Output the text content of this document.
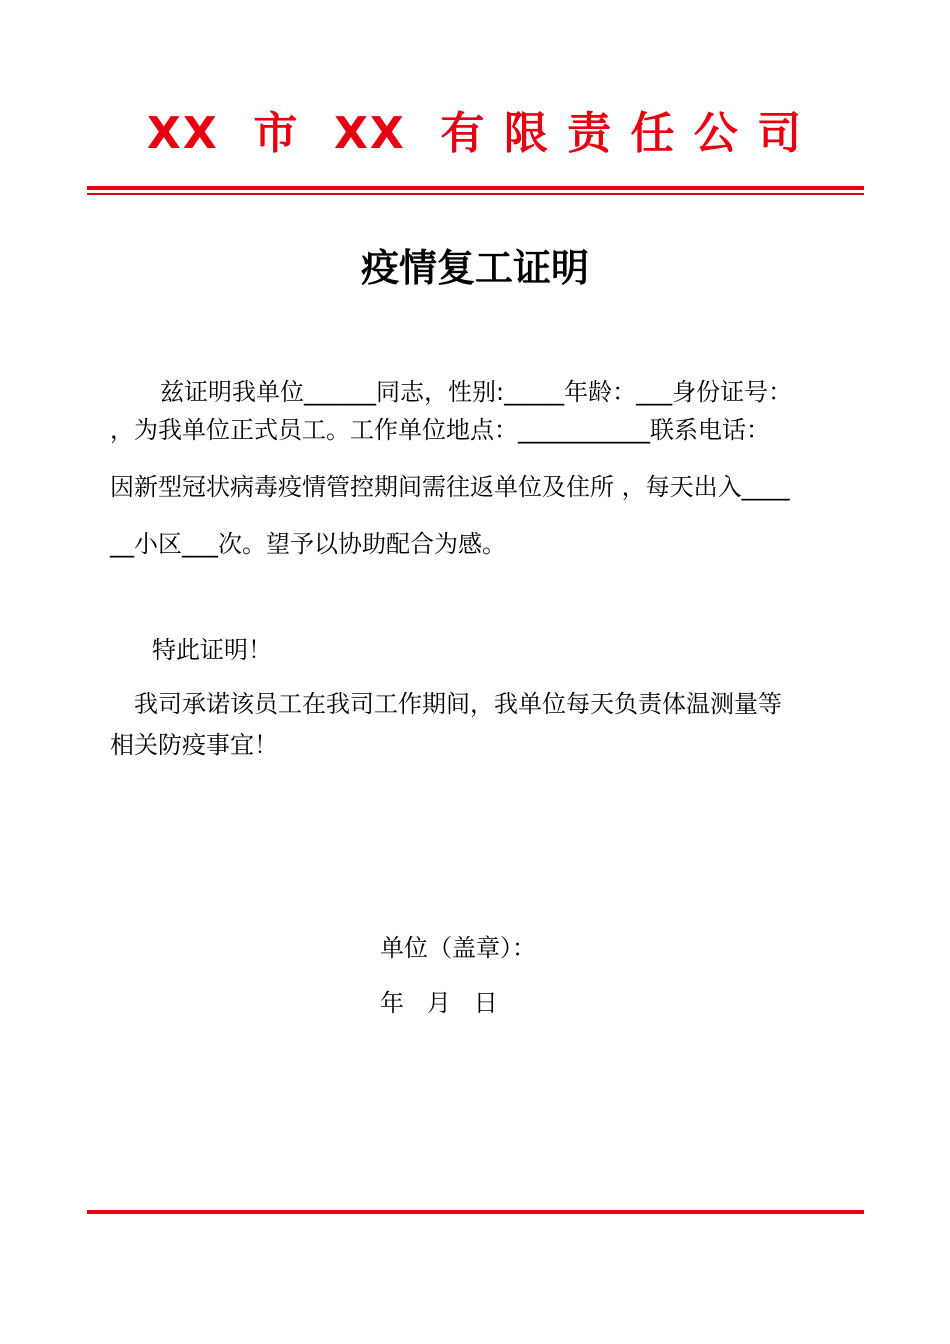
XX  市  XX  有 限 责 任 公 司
疫情复工证明

兹证明我单位______同志，性别:_____年龄：___身份证号：

，为我单位正式员工。工作单位地点：___________联系电话：

因新型冠状病毒疫情管控期间需往返单位及住所 ，每天出入____

__小区___次。望予以协助配合为感。

特此证明！

我司承诺该员工在我司工作期间，我单位每天负责体温测量等

相关防疫事宜！

单位（盖章）：

年   月   日
